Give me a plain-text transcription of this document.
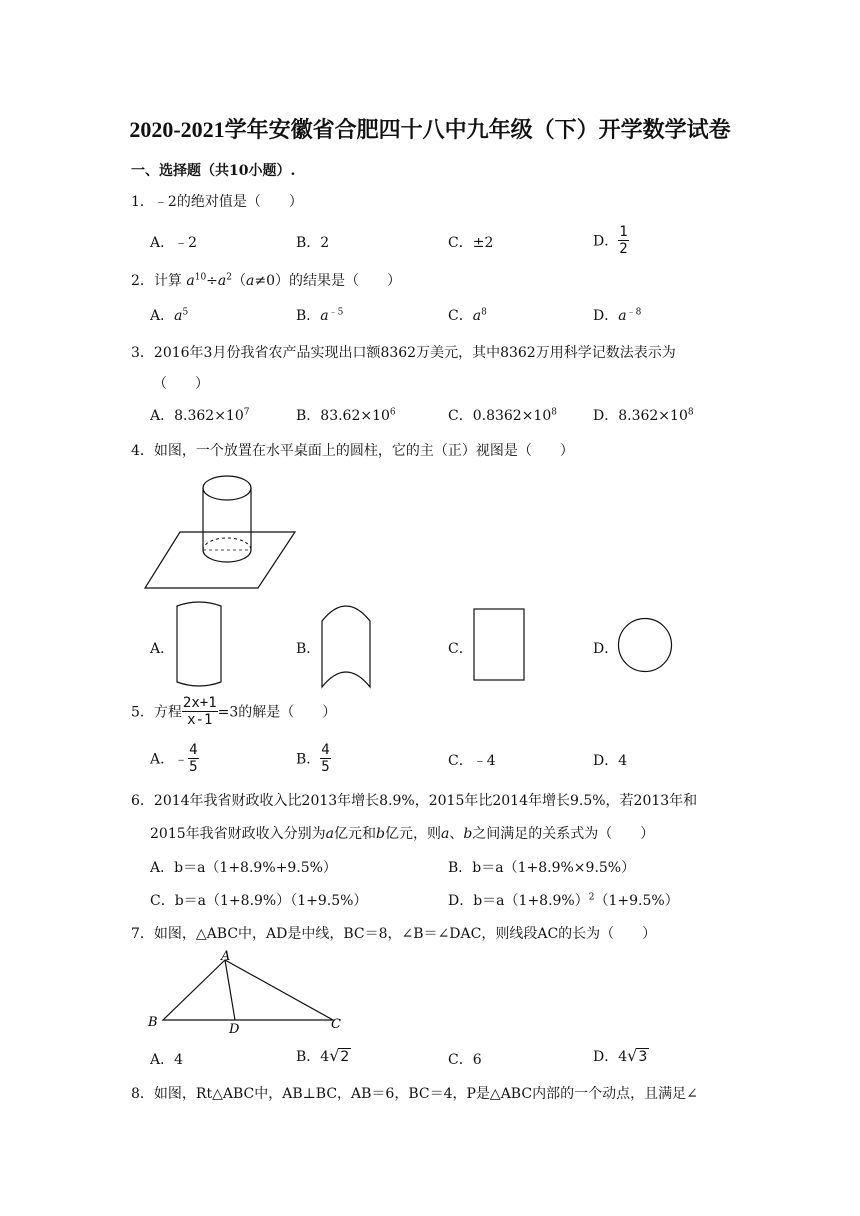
2020-2021学年安徽省合肥四十八中九年级（下）开学数学试卷
一、选择题（共10小题）.
1．﹣2的绝对值是（　　）
A．﹣2	B．2	C．±2	D． $\frac{1}{2}$
2．计算 $a^{10}\div a^2(a\ne 0)$的结果是（　　）
A．$a^5$	B．$a^{﹣5}$	C．$a^8$	D．$a^{﹣8}$
3．2016年3月份我省农产品实现出口额8362万美元，其中8362万用科学记数法表示为
（　　）
A．$8.362\times 10^7$	B．$83.62\times 10^6$	C．$0.8362\times 10^8$	D．$8.362\times 10^8$
4．如图，一个放置在水平桌面上的圆柱，它的主（正）视图是（　　）
A．	B．	C．	D．
5．方程 $\frac{2x+1}{x-1} =3$的解是（　　）
A．﹣ $\frac{4}{5}$	B． $\frac{4}{5}$	C．﹣4	D．4
6．2014年我省财政收入比2013年增长8.9%，2015年比2014年增长9.5%，若2013年和
2015年我省财政收入分别为a亿元和b亿元，则a、b之间满足的关系式为（　　）
A．b＝a（1+8.9%+9.5%）	B．b＝a（1+8.9%×9.5%）
C．b＝a（1+8.9%）（1+9.5%）	D．$b=a(1+8.9\%)^2(1+9.5\%)$
7．如图，△ABC中，AD是中线，BC＝8，∠B＝∠DAC，则线段AC的长为（　　）
A
B	C
D
A．4	B．4√2	C．6	D．4√3
8．如图，Rt△ABC中，AB⊥BC，AB＝6，BC＝4，P是△ABC内部的一个动点，且满足∠
